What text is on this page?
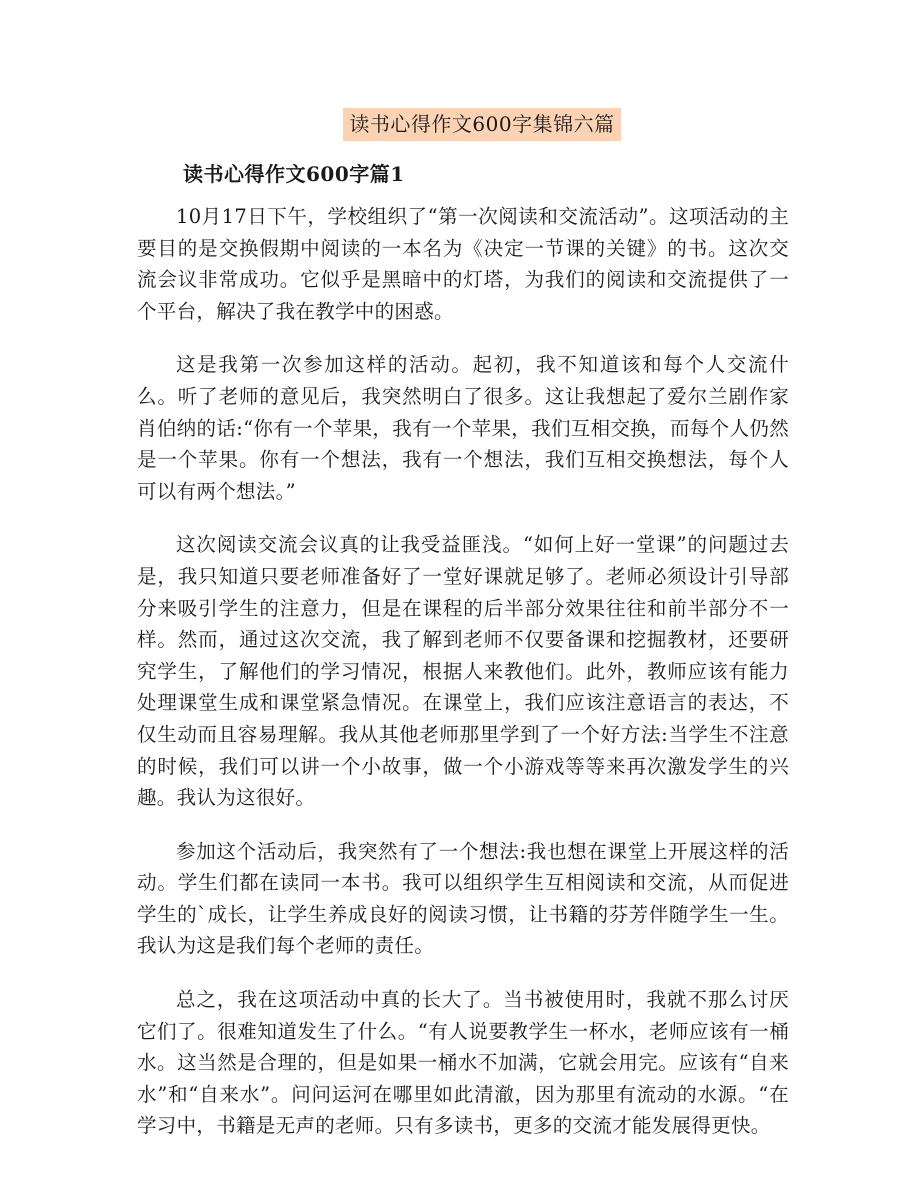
读书心得作文600字集锦六篇
读书心得作文600字篇1

10月17日下午，学校组织了“第一次阅读和交流活动”。这项活动的主要目的是交换假期中阅读的一本名为《决定一节课的关键》的书。这次交流会议非常成功。它似乎是黑暗中的灯塔，为我们的阅读和交流提供了一个平台，解决了我在教学中的困惑。

这是我第一次参加这样的活动。起初，我不知道该和每个人交流什么。听了老师的意见后，我突然明白了很多。这让我想起了爱尔兰剧作家肖伯纳的话:“你有一个苹果，我有一个苹果，我们互相交换，而每个人仍然是一个苹果。你有一个想法，我有一个想法，我们互相交换想法，每个人可以有两个想法。”

这次阅读交流会议真的让我受益匪浅。“如何上好一堂课”的问题过去是，我只知道只要老师准备好了一堂好课就足够了。老师必须设计引导部分来吸引学生的注意力，但是在课程的后半部分效果往往和前半部分不一样。然而，通过这次交流，我了解到老师不仅要备课和挖掘教材，还要研究学生，了解他们的学习情况，根据人来教他们。此外，教师应该有能力处理课堂生成和课堂紧急情况。在课堂上，我们应该注意语言的表达，不仅生动而且容易理解。我从其他老师那里学到了一个好方法:当学生不注意的时候，我们可以讲一个小故事，做一个小游戏等等来再次激发学生的兴趣。我认为这很好。

参加这个活动后，我突然有了一个想法:我也想在课堂上开展这样的活动。学生们都在读同一本书。我可以组织学生互相阅读和交流，从而促进学生的`成长，让学生养成良好的阅读习惯，让书籍的芬芳伴随学生一生。我认为这是我们每个老师的责任。

总之，我在这项活动中真的长大了。当书被使用时，我就不那么讨厌它们了。很难知道发生了什么。“有人说要教学生一杯水，老师应该有一桶水。这当然是合理的，但是如果一桶水不加满，它就会用完。应该有“自来水”和“自来水”。问问运河在哪里如此清澈，因为那里有流动的水源。“在学习中，书籍是无声的老师。只有多读书，更多的交流才能发展得更快。
